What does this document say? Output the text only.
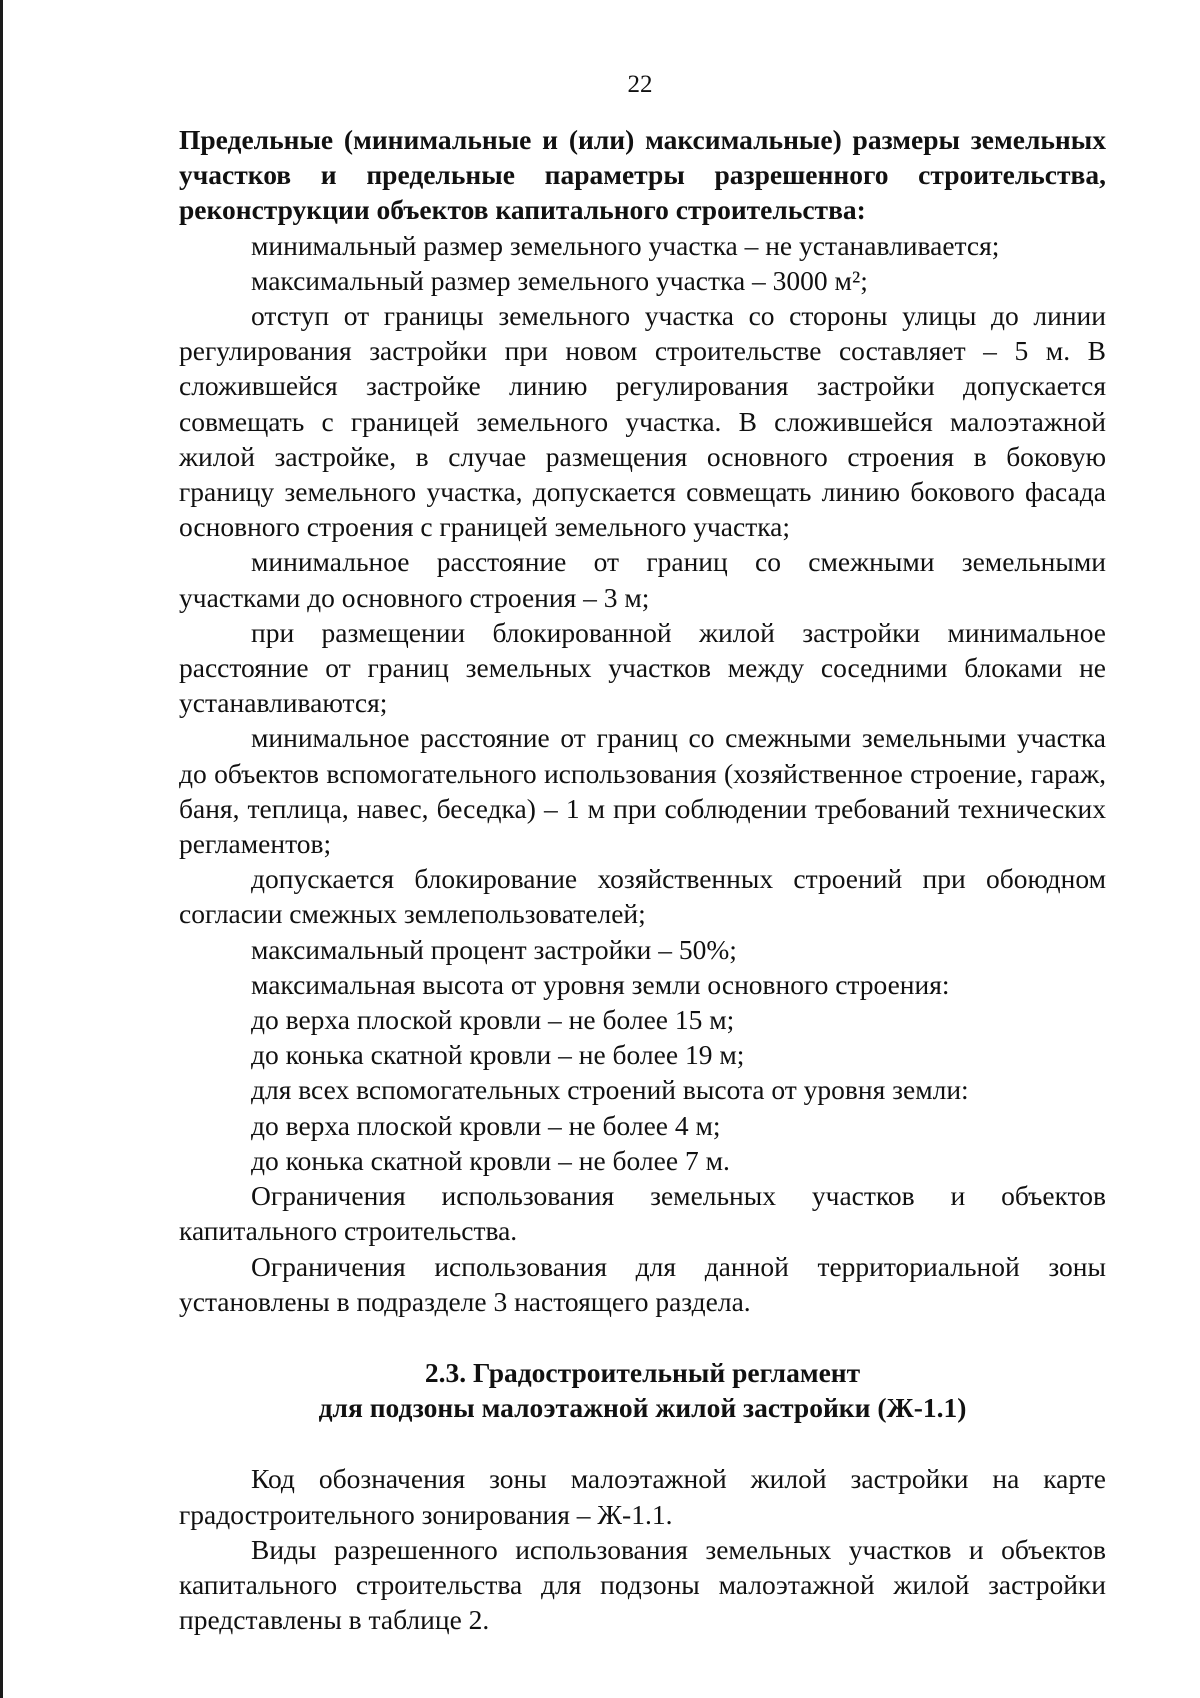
22

Предельные (минимальные и (или) максимальные) размеры земельных участков и предельные параметры разрешенного строительства, реконструкции объектов капитального строительства:

минимальный размер земельного участка – не устанавливается;

максимальный размер земельного участка – 3000 м²;

отступ от границы земельного участка со стороны улицы до линии регулирования застройки при новом строительстве составляет – 5 м. В сложившейся застройке линию регулирования застройки допускается совмещать с границей земельного участка. В сложившейся малоэтажной жилой застройке, в случае размещения основного строения в боковую границу земельного участка, допускается совмещать линию бокового фасада основного строения с границей земельного участка;

минимальное расстояние от границ со смежными земельными участками до основного строения – 3 м;

при размещении блокированной жилой застройки минимальное расстояние от границ земельных участков между соседними блоками не устанавливаются;

минимальное расстояние от границ со смежными земельными участка до объектов вспомогательного использования (хозяйственное строение, гараж, баня, теплица, навес, беседка) – 1 м при соблюдении требований технических регламентов;

допускается блокирование хозяйственных строений при обоюдном согласии смежных землепользователей;

максимальный процент застройки – 50%;

максимальная высота от уровня земли основного строения:

до верха плоской кровли – не более 15 м;

до конька скатной кровли – не более 19 м;

для всех вспомогательных строений высота от уровня земли:

до верха плоской кровли – не более 4 м;

до конька скатной кровли – не более 7 м.

Ограничения использования земельных участков и объектов капитального строительства.

Ограничения использования для данной территориальной зоны установлены в подразделе 3 настоящего раздела.

2.3. Градостроительный регламент
для подзоны малоэтажной жилой застройки (Ж-1.1)

Код обозначения зоны малоэтажной жилой застройки на карте градостроительного зонирования – Ж-1.1.

Виды разрешенного использования земельных участков и объектов капитального строительства для подзоны малоэтажной жилой застройки представлены в таблице 2.
